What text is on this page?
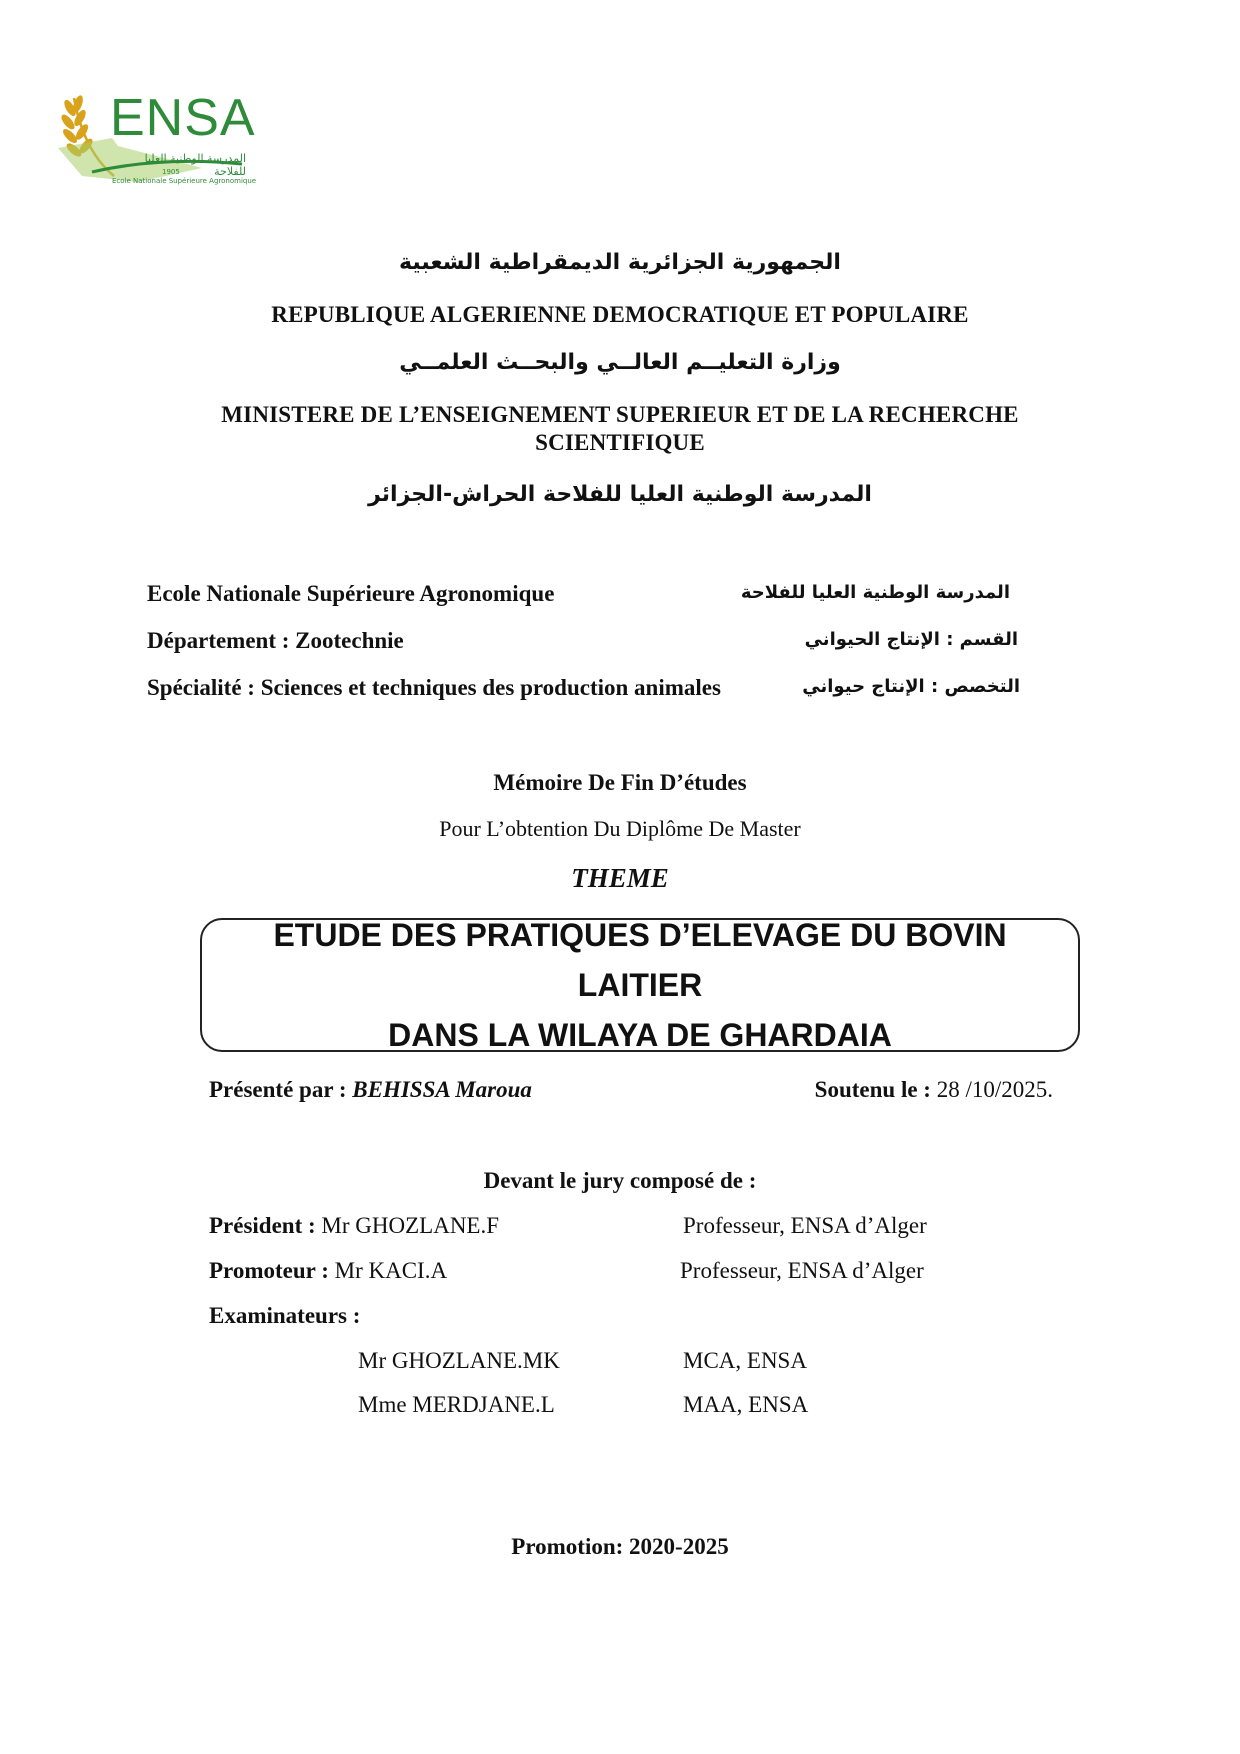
ENSA
المدرسة الوطنية العليا للفلاحة
1905
Ecole Nationale Supérieure Agronomique
الجمهورية الجزائرية الديمقراطية الشعبية
REPUBLIQUE ALGERIENNE DEMOCRATIQUE ET POPULAIRE
وزارة التعليــم العالــي والبحــث العلمــي
MINISTERE DE L’ENSEIGNEMENT SUPERIEUR ET DE LA RECHERCHE
SCIENTIFIQUE
المدرسة الوطنية العليا للفلاحة الحراش-الجزائر
Ecole Nationale Supérieure Agronomique	المدرسة الوطنية العليا للفلاحة
Département : Zootechnie	القسم : الإنتاج الحيواني
Spécialité : Sciences et techniques des production animales	التخصص : الإنتاج حيواني
Mémoire De Fin D’études
Pour L’obtention Du Diplôme De Master
THEME
ETUDE DES PRATIQUES D’ELEVAGE DU BOVIN LAITIER
DANS LA WILAYA DE GHARDAIA
Présenté par : BEHISSA Maroua	Soutenu le : 28 /10/2025.
Devant le jury composé de :
Président : Mr GHOZLANE.F	Professeur, ENSA d’Alger
Promoteur : Mr KACI.A	Professeur, ENSA d’Alger
Examinateurs :
Mr GHOZLANE.MK	MCA, ENSA
Mme MERDJANE.L	MAA, ENSA
Promotion: 2020-2025
